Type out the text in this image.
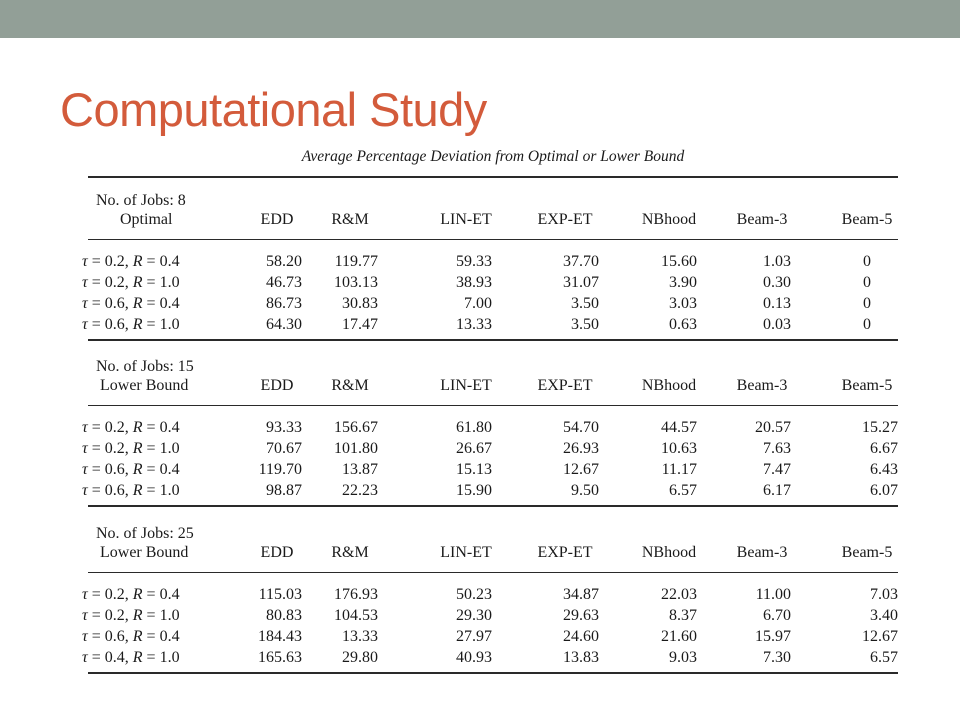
Computational Study
Average Percentage Deviation from Optimal or Lower Bound
No. of Jobs: 8
Optimal	EDD	R&M	LIN-ET	EXP-ET	NBhood	Beam-3	Beam-5
τ = 0.2, R = 0.4	58.20	119.77	59.33	37.70	15.60	1.03	0
τ = 0.2, R = 1.0	46.73	103.13	38.93	31.07	3.90	0.30	0
τ = 0.6, R = 0.4	86.73	30.83	7.00	3.50	3.03	0.13	0
τ = 0.6, R = 1.0	64.30	17.47	13.33	3.50	0.63	0.03	0
No. of Jobs: 15
Lower Bound	EDD	R&M	LIN-ET	EXP-ET	NBhood	Beam-3	Beam-5
τ = 0.2, R = 0.4	93.33	156.67	61.80	54.70	44.57	20.57	15.27
τ = 0.2, R = 1.0	70.67	101.80	26.67	26.93	10.63	7.63	6.67
τ = 0.6, R = 0.4	119.70	13.87	15.13	12.67	11.17	7.47	6.43
τ = 0.6, R = 1.0	98.87	22.23	15.90	9.50	6.57	6.17	6.07
No. of Jobs: 25
Lower Bound	EDD	R&M	LIN-ET	EXP-ET	NBhood	Beam-3	Beam-5
τ = 0.2, R = 0.4	115.03	176.93	50.23	34.87	22.03	11.00	7.03
τ = 0.2, R = 1.0	80.83	104.53	29.30	29.63	8.37	6.70	3.40
τ = 0.6, R = 0.4	184.43	13.33	27.97	24.60	21.60	15.97	12.67
τ = 0.4, R = 1.0	165.63	29.80	40.93	13.83	9.03	7.30	6.57
